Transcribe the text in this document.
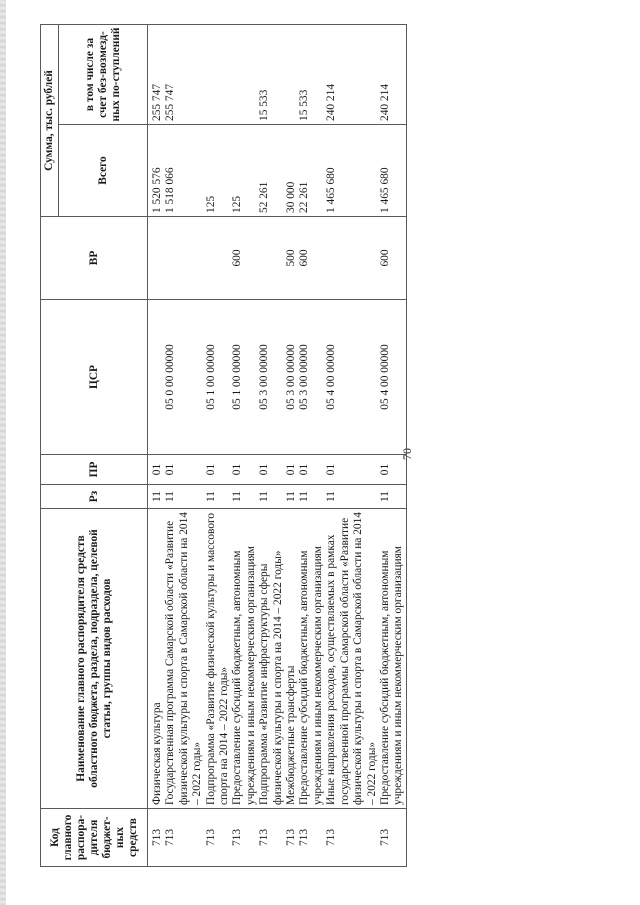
70
Код главного распора-дителя бюджет-ных средств	Наименование главного распорядителя средств областного бюджета, раздела, подраздела, целевой статьи, группы видов расходов	Рз	ПР	ЦСР	ВР	Сумма, тыс. рублей	
						Всего	в том числе за счет без-возмезд-ных по-ступлений
713	Физическая культура	11	01			1 520 576	255 747
713	Государственная программа Самарской области «Развитие физической культуры и спорта в Самарской области на 2014 – 2022 годы»	11	01	05 0 00 00000		1 518 066	255 747
713	Подпрограмма «Развитие физической культуры и массового спорта на 2014 – 2022 годы»	11	01	05 1 00 00000		125	
713	Предоставление субсидий бюджетным, автономным учреждениям и иным некоммерческим организациям	11	01	05 1 00 00000	600	125	
713	Подпрограмма «Развитие инфраструктуры сферы физической культуры и спорта на 2014 – 2022 годы»	11	01	05 3 00 00000		52 261	15 533
713	Межбюджетные трансферты	11	01	05 3 00 00000	500	30 000	
713	Предоставление субсидий бюджетным, автономным учреждениям и иным некоммерческим организациям	11	01	05 3 00 00000	600	22 261	15 533
713	Иные направления расходов, осуществляемых в рамках государственной программы Самарской области «Развитие физической культуры и спорта в Самарской области на 2014 – 2022 годы»	11	01	05 4 00 00000		1 465 680	240 214
713	Предоставление субсидий бюджетным, автономным учреждениям и иным некоммерческим организациям	11	01	05 4 00 00000	600	1 465 680	240 214
